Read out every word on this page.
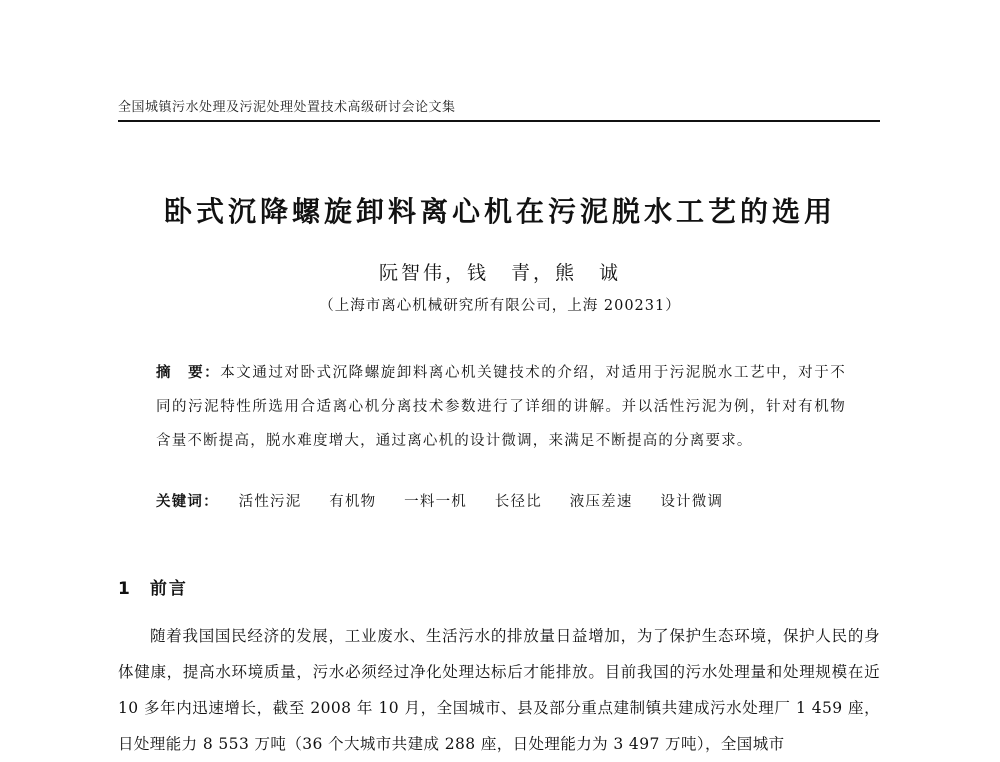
全国城镇污水处理及污泥处理处置技术高级研讨会论文集
卧式沉降螺旋卸料离心机在污泥脱水工艺的选用
阮智伟，钱　青，熊　诚
（上海市离心机械研究所有限公司，上海 200231）
摘　要：本文通过对卧式沉降螺旋卸料离心机关键技术的介绍，对适用于污泥脱水工艺中，对于不同的污泥特性所选用合适离心机分离技术参数进行了详细的讲解。并以活性污泥为例，针对有机物含量不断提高，脱水难度增大，通过离心机的设计微调，来满足不断提高的分离要求。
关键词： 活性污泥 有机物 一料一机 长径比 液压差速 设计微调
1 前言
随着我国国民经济的发展，工业废水、生活污水的排放量日益增加，为了保护生态环境，保护人民的身体健康，提高水环境质量，污水必须经过净化处理达标后才能排放。目前我国的污水处理量和处理规模在近 10 多年内迅速增长，截至 2008 年 10 月，全国城市、县及部分重点建制镇共建成污水处理厂 1 459 座，日处理能力 8 553 万吨（36 个大城市共建成 288 座，日处理能力为 3 497 万吨），全国城市
